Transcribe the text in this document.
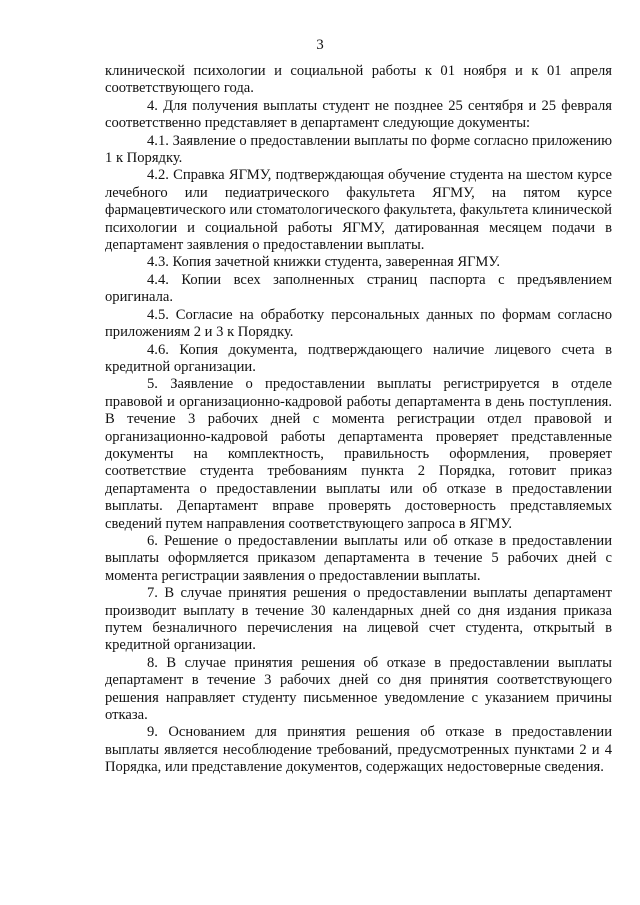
3

клинической психологии и социальной работы к 01 ноября и к 01 апреля соответствующего года.

4. Для получения выплаты студент не позднее 25 сентября и 25 февраля соответственно представляет в департамент следующие документы:

4.1. Заявление о предоставлении выплаты по форме согласно приложению 1 к Порядку.

4.2. Справка ЯГМУ, подтверждающая обучение студента на шестом курсе лечебного или педиатрического факультета ЯГМУ, на пятом курсе фармацевтического или стоматологического факультета, факультета клинической психологии и социальной работы ЯГМУ, датированная месяцем подачи в департамент заявления о предоставлении выплаты.

4.3. Копия зачетной книжки студента, заверенная ЯГМУ.

4.4. Копии всех заполненных страниц паспорта с предъявлением оригинала.

4.5. Согласие на обработку персональных данных по формам согласно приложениям 2 и 3 к Порядку.

4.6. Копия документа, подтверждающего наличие лицевого счета в кредитной организации.

5. Заявление о предоставлении выплаты регистрируется в отделе правовой и организационно-кадровой работы департамента в день поступления. В течение 3 рабочих дней с момента регистрации отдел правовой и организационно-кадровой работы департамента проверяет представленные документы на комплектность, правильность оформления, проверяет соответствие студента требованиям пункта 2 Порядка, готовит приказ департамента о предоставлении выплаты или об отказе в предоставлении выплаты. Департамент вправе проверять достоверность представляемых сведений путем направления соответствующего запроса в ЯГМУ.

6. Решение о предоставлении выплаты или об отказе в предоставлении выплаты оформляется приказом департамента в течение 5 рабочих дней с момента регистрации заявления о предоставлении выплаты.

7. В случае принятия решения о предоставлении выплаты департамент производит выплату в течение 30 календарных дней со дня издания приказа путем безналичного перечисления на лицевой счет студента, открытый в кредитной организации.

8. В случае принятия решения об отказе в предоставлении выплаты департамент в течение 3 рабочих дней со дня принятия соответствующего решения направляет студенту письменное уведомление с указанием причины отказа.

9. Основанием для принятия решения об отказе в предоставлении выплаты является несоблюдение требований, предусмотренных пунктами 2 и 4 Порядка, или представление документов, содержащих недостоверные сведения.
